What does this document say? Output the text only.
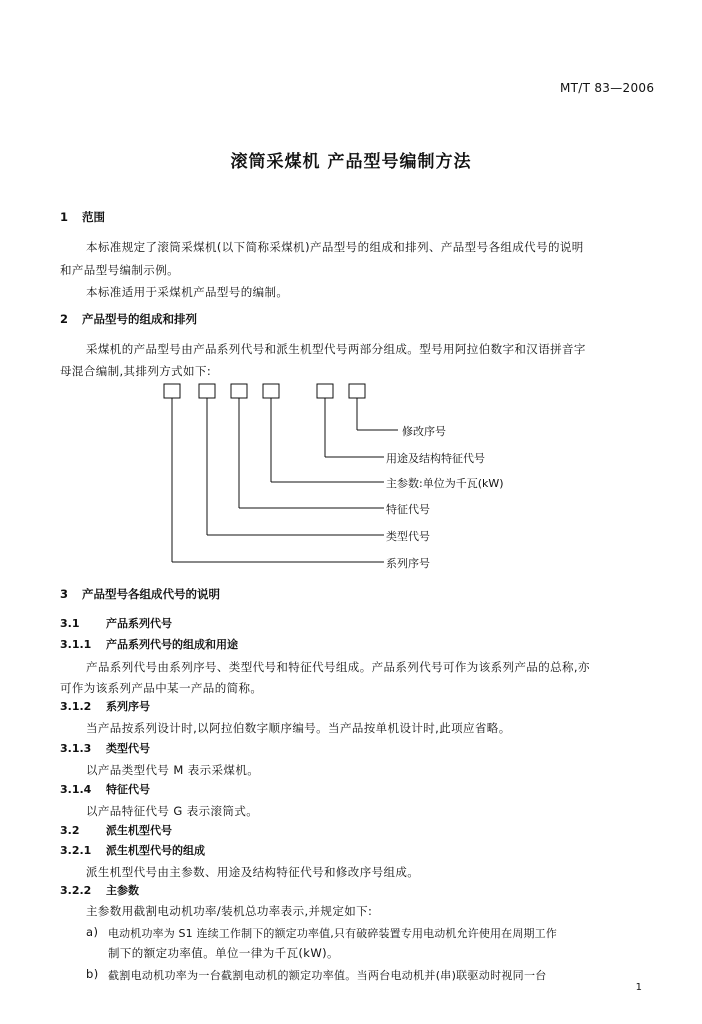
MT/T 83—2006
滚筒采煤机 产品型号编制方法
1 范围
本标准规定了滚筒采煤机(以下简称采煤机)产品型号的组成和排列、产品型号各组成代号的说明
和产品型号编制示例。
本标准适用于采煤机产品型号的编制。
2 产品型号的组成和排列
采煤机的产品型号由产品系列代号和派生机型代号两部分组成。型号用阿拉伯数字和汉语拼音字
母混合编制,其排列方式如下:
修改序号
用途及结构特征代号
主参数:单位为千瓦(kW)
特征代号
类型代号
系列序号
3 产品型号各组成代号的说明
3.1 产品系列代号
3.1.1 产品系列代号的组成和用途
产品系列代号由系列序号、类型代号和特征代号组成。产品系列代号可作为该系列产品的总称,亦
可作为该系列产品中某一产品的简称。
3.1.2 系列序号
当产品按系列设计时,以阿拉伯数字顺序编号。当产品按单机设计时,此项应省略。
3.1.3 类型代号
以产品类型代号 M 表示采煤机。
3.1.4 特征代号
以产品特征代号 G 表示滚筒式。
3.2 派生机型代号
3.2.1 派生机型代号的组成
派生机型代号由主参数、用途及结构特征代号和修改序号组成。
3.2.2 主参数
主参数用截割电动机功率/装机总功率表示,并规定如下:
a) 电动机功率为 S1 连续工作制下的额定功率值,只有破碎装置专用电动机允许使用在周期工作
制下的额定功率值。单位一律为千瓦(kW)。
b) 截割电动机功率为一台截割电动机的额定功率值。当两台电动机并(串)联驱动时视同一台
1
